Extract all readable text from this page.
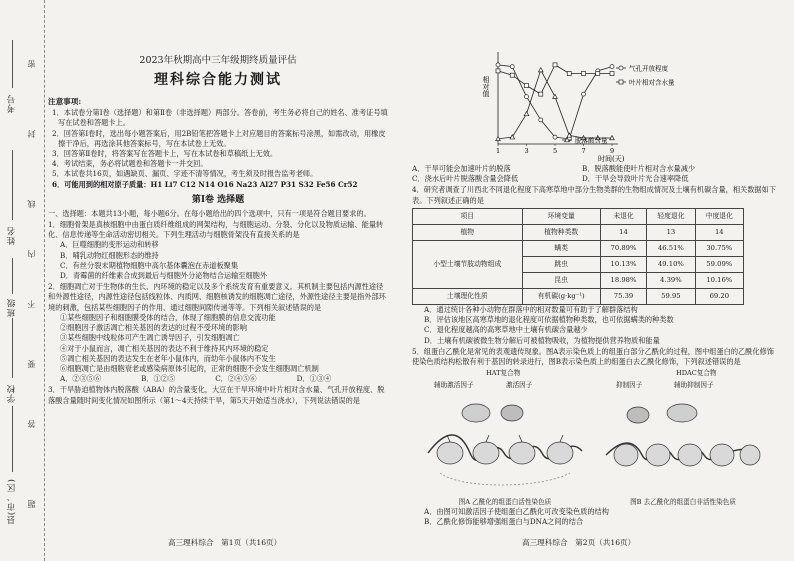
考号
姓名
班级
学校
县(市、区)
密
封
线
内
不
要
答
题
2023年秋期高中三年级期终质量评估
理科综合能力测试
注意事项:
1．本试卷分第Ⅰ卷（选择题）和第Ⅱ卷（非选择题）两部分。答卷前，考生务必将自己的姓名、准考证号填写在试卷和答题卡上。
2．回答第Ⅰ卷时，选出每小题答案后，用2B铅笔把答题卡上对应题目的答案标号涂黑，如需改动，用橡皮擦干净后，再选涂其他答案标号，写在本试卷上无效。
3．回答第Ⅱ卷时，将答案写在答题卡上，写在本试卷和草稿纸上无效。
4．考试结束，务必将试题卷和答题卡一并交回。
5．本试卷共16页，如遇缺页、漏页、字迹不清等情况，考生须及时报告监考老师。
6．可能用到的相对原子质量：H1 Li7 C12 N14 O16 Na23 Al27 P31 S32 Fe56 Cr52
第Ⅰ卷 选择题
一、选择题：本题共13小题，每小题6分。在每小题给出的四个选项中，只有一项是符合题目要求的。
1．细胞骨架是真核细胞中由蛋白质纤维组成的网架结构，与细胞运动、分裂、分化以及物质运输、能量转化、信息传递等生命活动密切相关。下列生理活动与细胞骨架没有直接关系的是
A．巨噬细胞的变形运动和转移
B．哺乳动物红细胞形态的维持
C．有丝分裂末期植物细胞中高尔基体囊泡在赤道板聚集
D．青霉菌的纤维素合成到最后与细胞外分泌物结合运输至细胞外
2．细胞凋亡对于生物体的生长、内环境的稳定以及多个系统发育有重要意义。其机制主要包括内源性途径和外源性途径，内源性途径包括线粒体、内质网、细胞核诱发的细胞凋亡途径，外源性途径主要是指外部环境的刺激，包括某些细胞因子的作用、通过细胞间隙传递等等。下列相关叙述错误的是
①某些细胞因子和细胞膜受体的结合，体现了细胞膜的信息交流功能
②细胞因子激活凋亡相关基因的表达的过程不受环境的影响
③某些细胞中线粒体可产生凋亡诱导因子，引发细胞凋亡
④对于小鼠而言，凋亡相关基因的表达不利于维持其内环境的稳定
⑤凋亡相关基因的表达发生在老年小鼠体内，而幼年小鼠体内不发生
⑥细胞凋亡是由细胞衰老或感染病原体引起的，正常的细胞不会发生细胞凋亡机制
A．②③⑤⑥	B．①②⑤	C．②④⑤⑥	D．①③④
3．干旱胁迫植物体内脱落酸（ABA）的含量变化，大豆在干旱环境中叶片相对含水量、气孔开放程度、脱落酸含量随时间变化情况如图所示（第1～4天持续干旱，第5天开始适当浇水），下列说法错误的是
高三理科综合　第1页（共16页）
相对值
时间(天)
1	3	5	7	9
气孔开放程度
叶片相对含水量
脱落酸含量
A．干旱可能会加速叶片的脱落	B．脱落酸能使叶片相对含水量减少
C．浇水后叶片脱落酸含量会降低	D．干旱会导致叶片光合速率降低
4．研究者调查了川西北不同退化程度下高寒草地中部分生物类群的生物组成情况及土壤有机碳含量，相关数据如下表。下列叙述正确的是
项目	环境变量	未退化	轻度退化	中度退化
植物	植物种类数	14	13	14
小型土壤节肢动物组成	螨类	70.89%	46.51%	30.75%
	跳虫	10.13%	49.10%	59.09%
	昆虫	18.98%	4.39%	10.16%
土壤理化性质	有机碳(g·kg⁻¹)	75.39	59.95	69.20
A．通过统计各种小动物在群落中的相对数量可有助于了解群落结构
B．评估该地区高寒草地的退化程度可依据植物种类数，也可依据螨类的种类数
C．退化程度越高的高寒草地中土壤有机碳含量越少
D．土壤有机碳被微生物分解后可被植物吸收，为植物提供营养物质和能量
5．组蛋白乙酰化是常见的表观遗传现象。图A表示染色质上的组蛋白部分乙酰化的过程，图中组蛋白的乙酰化修饰使染色质结构松散有利于基因的转录进行，图B表示染色质上的组蛋白去乙酰化修饰，下列叙述错误的是
HAT复合物
辅助激活因子	激活因子
图A 乙酰化的组蛋白活性染色质
HDAC复合物
抑制因子	辅助抑制因子
图B 去乙酰化的组蛋白非活性染色质
A．由图可知激活因子使组蛋白乙酰化可改变染色质的结构
B．乙酰化修饰能够增强组蛋白与DNA之间的结合
高三理科综合　第2页（共16页）
